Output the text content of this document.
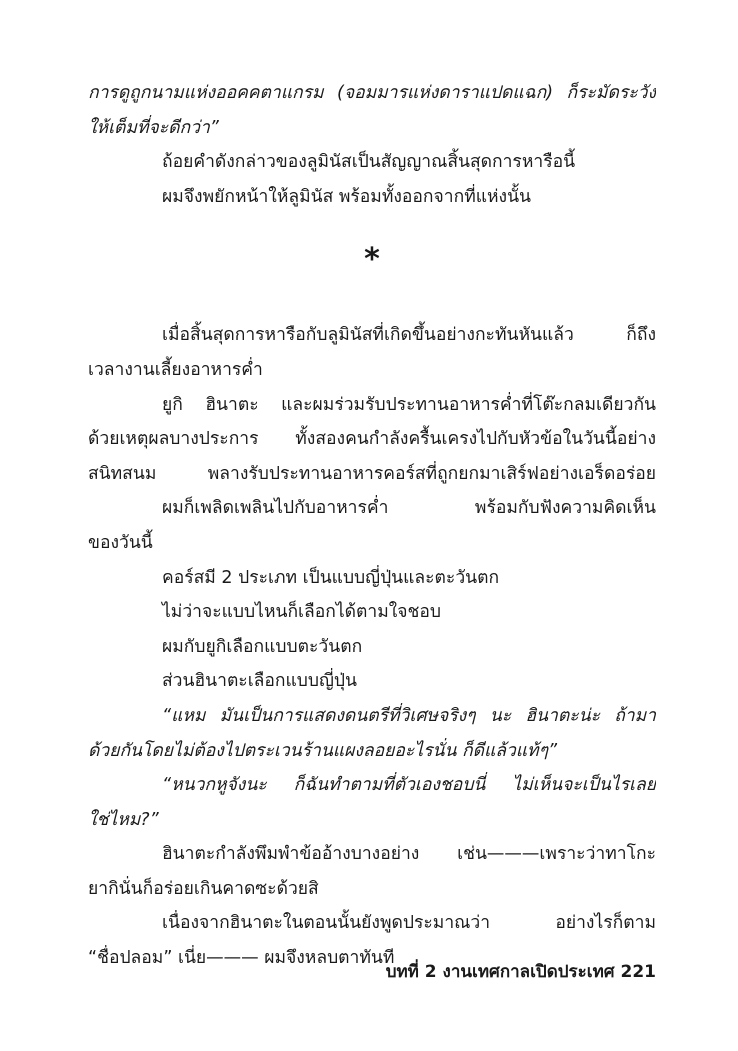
การดูถูกนามแห่งออคคตาแกรม (จอมมารแห่งดาราแปดแฉก) ก็ระมัดระวัง
ให้เต็มที่จะดีกว่า”
ถ้อยคำดังกล่าวของลูมินัสเป็นสัญญาณสิ้นสุดการหารือนี้
ผมจึงพยักหน้าให้ลูมินัส พร้อมทั้งออกจากที่แห่งนั้น
*
เมื่อสิ้นสุดการหารือกับลูมินัสที่เกิดขึ้นอย่างกะทันหันแล้ว ก็ถึง
เวลางานเลี้ยงอาหารค่ำ
ยูกิ ฮินาตะ และผมร่วมรับประทานอาหารค่ำที่โต๊ะกลมเดียวกัน
ด้วยเหตุผลบางประการ ทั้งสองคนกำลังครื้นเครงไปกับหัวข้อในวันนี้อย่าง
สนิทสนม พลางรับประทานอาหารคอร์สที่ถูกยกมาเสิร์ฟอย่างเอร็ดอร่อย
ผมก็เพลิดเพลินไปกับอาหารค่ำ พร้อมกับฟังความคิดเห็น
ของวันนี้
คอร์สมี 2 ประเภท เป็นแบบญี่ปุ่นและตะวันตก
ไม่ว่าจะแบบไหนก็เลือกได้ตามใจชอบ
ผมกับยูกิเลือกแบบตะวันตก
ส่วนฮินาตะเลือกแบบญี่ปุ่น
“แหม มันเป็นการแสดงดนตรีที่วิเศษจริงๆ นะ ฮินาตะน่ะ ถ้ามา
ด้วยกันโดยไม่ต้องไปตระเวนร้านแผงลอยอะไรนั่น ก็ดีแล้วแท้ๆ”
“หนวกหูจังนะ ก็ฉันทำตามที่ตัวเองชอบนี่ ไม่เห็นจะเป็นไรเลย
ใช่ไหม?”
ฮินาตะกำลังพึมพำข้ออ้างบางอย่าง เช่น———เพราะว่าทาโกะ
ยากินั่นก็อร่อยเกินคาดซะด้วยสิ
เนื่องจากฮินาตะในตอนนั้นยังพูดประมาณว่า อย่างไรก็ตาม
“ชื่อปลอม” เนี่ย——— ผมจึงหลบตาทันที
บทที่ 2 งานเทศกาลเปิดประเทศ 221
